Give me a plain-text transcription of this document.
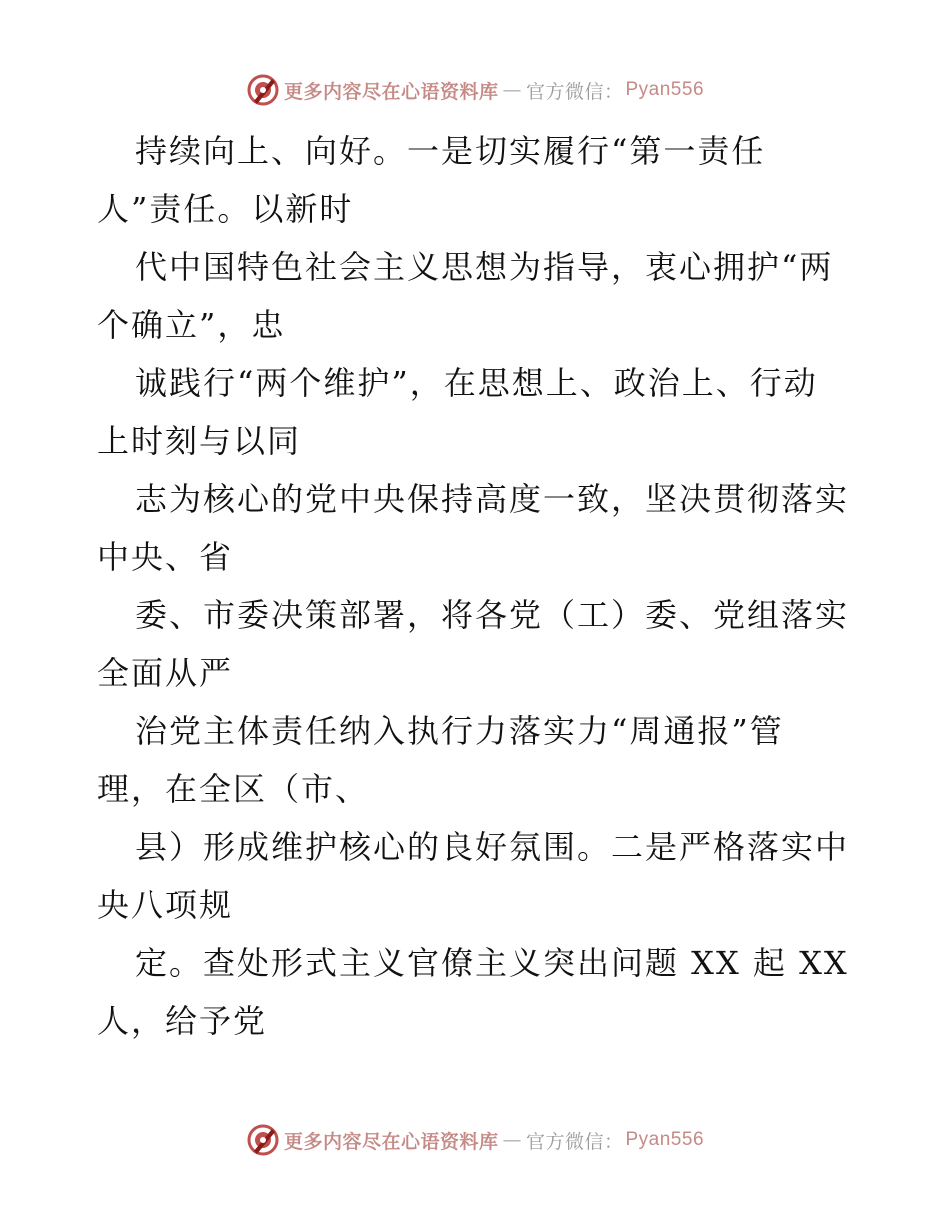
更多内容尽在心语资料库 — 官方微信： Pyan556
持续向上、向好。一是切实履行“第一责任
人”责任。以新时
代中国特色社会主义思想为指导，衷心拥护“两
个确立”，忠
诚践行“两个维护”，在思想上、政治上、行动
上时刻与以同
志为核心的党中央保持高度一致，坚决贯彻落实
中央、省
委、市委决策部署，将各党（工）委、党组落实
全面从严
治党主体责任纳入执行力落实力“周通报”管
理，在全区（市、
县）形成维护核心的良好氛围。二是严格落实中
央八项规
定。查处形式主义官僚主义突出问题 XX 起 XX
人，给予党
更多内容尽在心语资料库 — 官方微信： Pyan556
